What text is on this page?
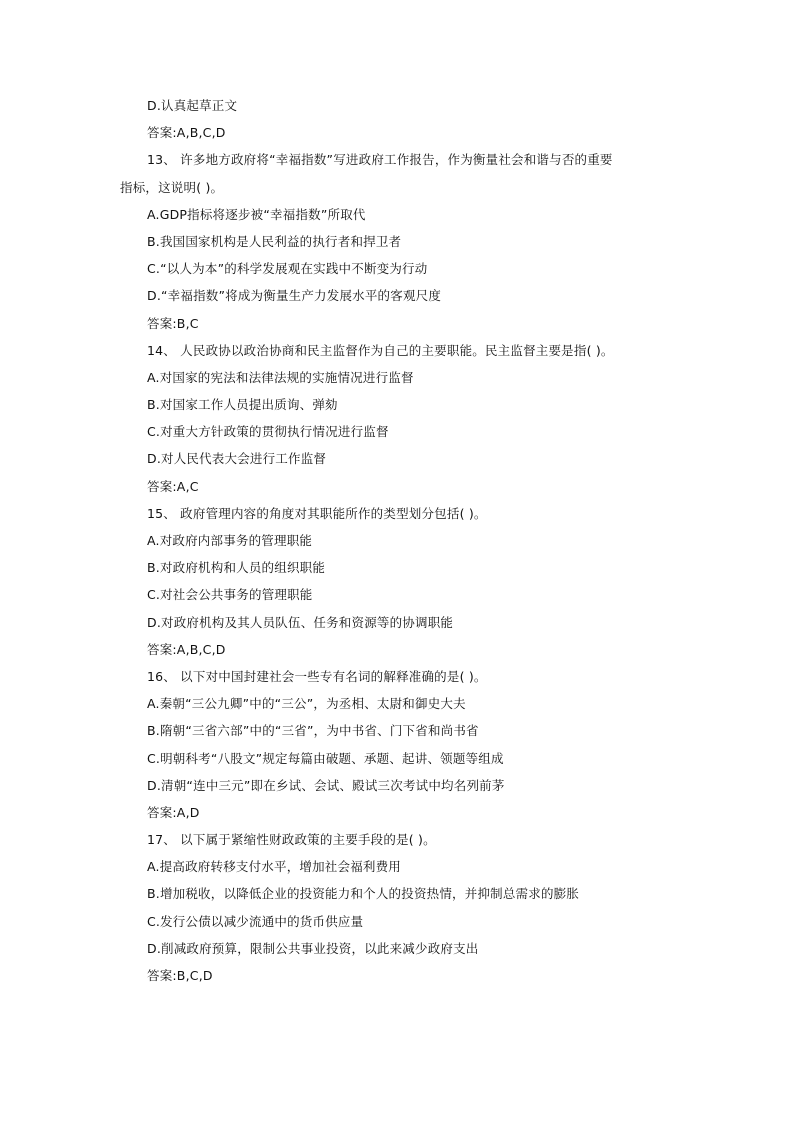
D.认真起草正文
答案:A,B,C,D
13、 许多地方政府将“幸福指数”写进政府工作报告，作为衡量社会和谐与否的重要
指标，这说明( )。
A.GDP指标将逐步被“幸福指数”所取代
B.我国国家机构是人民利益的执行者和捍卫者
C.“以人为本”的科学发展观在实践中不断变为行动
D.“幸福指数”将成为衡量生产力发展水平的客观尺度
答案:B,C
14、 人民政协以政治协商和民主监督作为自己的主要职能。民主监督主要是指( )。
A.对国家的宪法和法律法规的实施情况进行监督
B.对国家工作人员提出质询、弹劾
C.对重大方针政策的贯彻执行情况进行监督
D.对人民代表大会进行工作监督
答案:A,C
15、 政府管理内容的角度对其职能所作的类型划分包括( )。
A.对政府内部事务的管理职能
B.对政府机构和人员的组织职能
C.对社会公共事务的管理职能
D.对政府机构及其人员队伍、任务和资源等的协调职能
答案:A,B,C,D
16、 以下对中国封建社会一些专有名词的解释准确的是( )。
A.秦朝“三公九卿”中的“三公”，为丞相、太尉和御史大夫
B.隋朝“三省六部”中的“三省”，为中书省、门下省和尚书省
C.明朝科考“八股文”规定每篇由破题、承题、起讲、领题等组成
D.清朝“连中三元”即在乡试、会试、殿试三次考试中均名列前茅
答案:A,D
17、 以下属于紧缩性财政政策的主要手段的是( )。
A.提高政府转移支付水平，增加社会福利费用
B.增加税收，以降低企业的投资能力和个人的投资热情，并抑制总需求的膨胀
C.发行公债以减少流通中的货币供应量
D.削减政府预算，限制公共事业投资，以此来减少政府支出
答案:B,C,D
